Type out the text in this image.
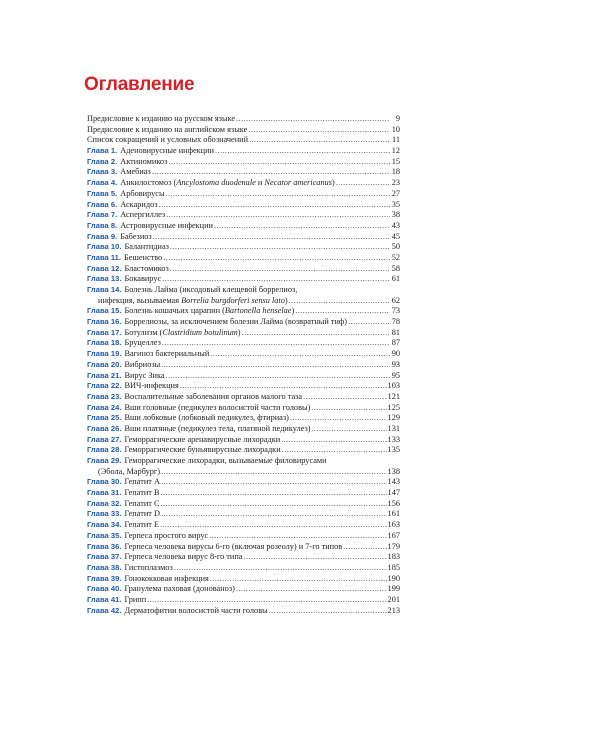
Оглавление
Предисловие к изданию на русском языке .....	9
Предисловие к изданию на английском языке .....	10
Список сокращений и условных обозначений .....	11
Глава 1. Аденовирусные инфекции .....	12
Глава 2. Актиномикоз .....	15
Глава 3. Амебиаз .....	18
Глава 4. Анкилостомоз (Ancylostoma duodenale и Necator americanus) .....	23
Глава 5. Арбовирусы .....	27
Глава 6. Аскаридоз .....	35
Глава 7. Аспергиллез .....	38
Глава 8. Астровирусные инфекции .....	43
Глава 9. Бабезиоз .....	45
Глава 10. Балантидиаз .....	50
Глава 11. Бешенство .....	52
Глава 12. Бластомикоз .....	58
Глава 13. Бокавирус .....	61
Глава 14. Болезнь Лайма (иксодовый клещевой боррелиоз,
инфекция, вызываемая Borrelia burgdorferi sensu lato) .....	62
Глава 15. Болезнь кошачьих царапин (Bartonella henselae) .....	73
Глава 16. Боррелиозы, за исключением болезни Лайма (возвратный тиф) .....	78
Глава 17. Ботулизм (Clostridium botulinum) .....	81
Глава 18. Бруцеллез .....	87
Глава 19. Вагиноз бактериальный .....	90
Глава 20. Вибриозы .....	93
Глава 21. Вирус Зика .....	95
Глава 22. ВИЧ-инфекция .....	103
Глава 23. Воспалительные заболевания органов малого таза .....	121
Глава 24. Вши головные (педикулез волосистой части головы) .....	125
Глава 25. Вши лобковые (лобковый педикулез, фтириаз) .....	129
Глава 26. Вши платяные (педикулез тела, платяной педикулез) .....	131
Глава 27. Геморрагические аренавирусные лихорадки .....	133
Глава 28. Геморрагические буньявирусные лихорадки .....	135
Глава 29. Геморрагические лихорадки, вызываемые филовирусами
(Эбола, Марбург) .....	138
Глава 30. Гепатит А .....	143
Глава 31. Гепатит В .....	147
Глава 32. Гепатит С .....	156
Глава 33. Гепатит D .....	161
Глава 34. Гепатит Е .....	163
Глава 35. Герпеса простого вирус .....	167
Глава 36. Герпеса человека вирусы 6-го (включая розеолу) и 7-го типов .....	179
Глава 37. Герпеса человека вирус 8-го типа .....	183
Глава 38. Гистоплазмоз .....	185
Глава 39. Гонококковая инфекция .....	190
Глава 40. Гранулема паховая (донованоз) .....	199
Глава 41. Грипп .....	201
Глава 42. Дерматофитии волосистой части головы .....	213
